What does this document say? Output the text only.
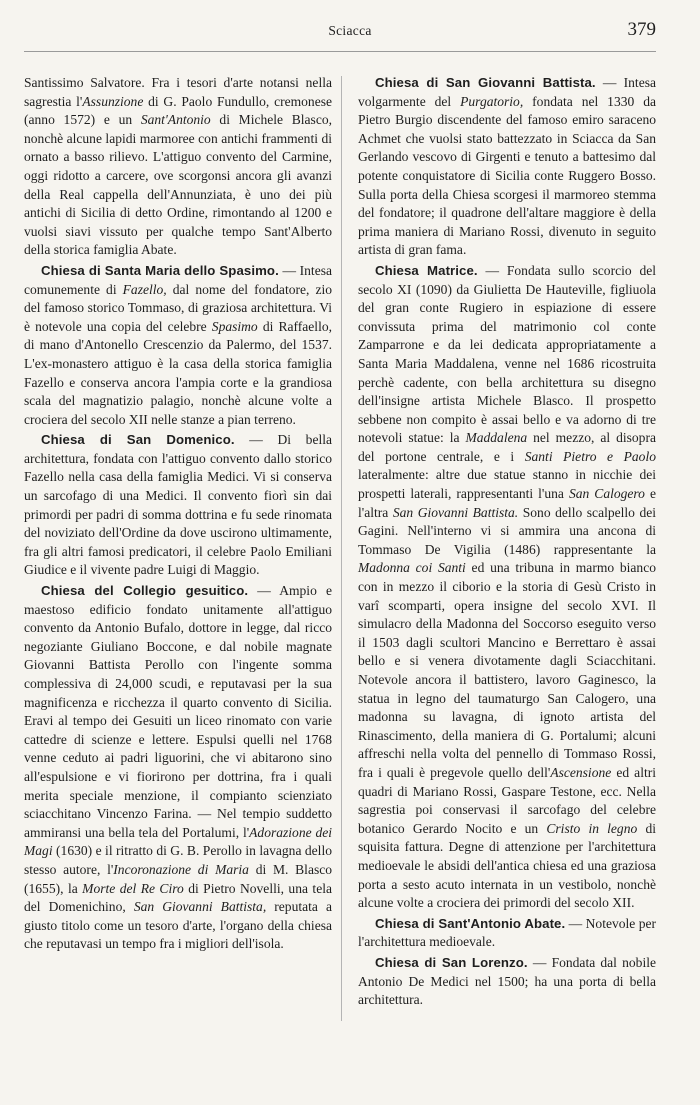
Sciacca	379

Santissimo Salvatore. Fra i tesori d'arte notansi nella sagrestia l'Assunzione di G. Paolo Fundullo, cremonese (anno 1572) e un Sant'Antonio di Michele Blasco, nonchè alcune lapidi marmoree con antichi frammenti di ornato a basso rilievo. L'attiguo convento del Carmine, oggi ridotto a carcere, ove scorgonsi ancora gli avanzi della Real cappella dell'Annunziata, è uno dei più antichi di Sicilia di detto Ordine, rimontando al 1200 e vuolsi siavi vissuto per qualche tempo Sant'Alberto della storica famiglia Abate.

Chiesa di Santa Maria dello Spasimo. — Intesa comunemente di Fazello, dal nome del fondatore, zio del famoso storico Tommaso, di graziosa architettura. Vi è notevole una copia del celebre Spasimo di Raffaello, di mano d'Antonello Crescenzio da Palermo, del 1537. L'ex-monastero attiguo è la casa della storica famiglia Fazello e conserva ancora l'ampia corte e la grandiosa scala del magnatizio palagio, nonchè alcune volte a crociera del secolo XII nelle stanze a pian terreno.

Chiesa di San Domenico. — Di bella architettura, fondata con l'attiguo convento dallo storico Fazello nella casa della famiglia Medici. Vi si conserva un sarcofago di una Medici. Il convento fiorì sin dai primordi per padri di somma dottrina e fu sede rinomata del noviziato dell'Ordine da dove uscirono ultimamente, fra gli altri famosi predicatori, il celebre Paolo Emiliani Giudice e il vivente padre Luigi di Maggio.

Chiesa del Collegio gesuitico. — Ampio e maestoso edificio fondato unitamente all'attiguo convento da Antonio Bufalo, dottore in legge, dal ricco negoziante Giuliano Boccone, e dal nobile magnate Giovanni Battista Perollo con l'ingente somma complessiva di 24,000 scudi, e reputavasi per la sua magnificenza e ricchezza il quarto convento di Sicilia. Eravi al tempo dei Gesuiti un liceo rinomato con varie cattedre di scienze e lettere. Espulsi quelli nel 1768 venne ceduto ai padri liguorini, che vi abitarono sino all'espulsione e vi fiorirono per dottrina, fra i quali merita speciale menzione, il compianto scienziato sciacchitano Vincenzo Farina. — Nel tempio suddetto ammiransi una bella tela del Portalumi, l'Adorazione dei Magi (1630) e il ritratto di G. B. Perollo in lavagna dello stesso autore, l'Incoronazione di Maria di M. Blasco (1655), la Morte del Re Ciro di Pietro Novelli, una tela del Domenichino, San Giovanni Battista, reputata a giusto titolo come un tesoro d'arte, l'organo della chiesa che reputavasi un tempo fra i migliori dell'isola.

Chiesa di San Giovanni Battista. — Intesa volgarmente del Purgatorio, fondata nel 1330 da Pietro Burgio discendente del famoso emiro saraceno Achmet che vuolsi stato battezzato in Sciacca da San Gerlando vescovo di Girgenti e tenuto a battesimo dal potente conquistatore di Sicilia conte Ruggero Bosso. Sulla porta della Chiesa scorgesi il marmoreo stemma del fondatore; il quadrone dell'altare maggiore è della prima maniera di Mariano Rossi, divenuto in seguito artista di gran fama.

Chiesa Matrice. — Fondata sullo scorcio del secolo XI (1090) da Giulietta De Hauteville, figliuola del gran conte Rugiero in espiazione di essere convissuta prima del matrimonio col conte Zamparrone e da lei dedicata appropriatamente a Santa Maria Maddalena, venne nel 1686 ricostruita perchè cadente, con bella architettura su disegno dell'insigne artista Michele Blasco. Il prospetto sebbene non compito è assai bello e va adorno di tre notevoli statue: la Maddalena nel mezzo, al disopra del portone centrale, e i Santi Pietro e Paolo lateralmente: altre due statue stanno in nicchie dei prospetti laterali, rappresentanti l'una San Calogero e l'altra San Giovanni Battista. Sono dello scalpello dei Gagini. Nell'interno vi si ammira una ancona di Tommaso De Vigilia (1486) rappresentante la Madonna coi Santi ed una tribuna in marmo bianco con in mezzo il ciborio e la storia di Gesù Cristo in varî scomparti, opera insigne del secolo XVI. Il simulacro della Madonna del Soccorso eseguito verso il 1503 dagli scultori Mancino e Berrettaro è assai bello e si venera divotamente dagli Sciacchitani. Notevole ancora il battistero, lavoro Gaginesco, la statua in legno del taumaturgo San Calogero, una madonna su lavagna, di ignoto artista del Rinascimento, della maniera di G. Portalumi; alcuni affreschi nella volta del pennello di Tommaso Rossi, fra i quali è pregevole quello dell'Ascensione ed altri quadri di Mariano Rossi, Gaspare Testone, ecc. Nella sagrestia poi conservasi il sarcofago del celebre botanico Gerardo Nocito e un Cristo in legno di squisita fattura. Degne di attenzione per l'architettura medioevale le absidi dell'antica chiesa ed una graziosa porta a sesto acuto internata in un vestibolo, nonchè alcune volte a crociera dei primordi del secolo XII.

Chiesa di Sant'Antonio Abate. — Notevole per l'architettura medioevale.

Chiesa di San Lorenzo. — Fondata dal nobile Antonio De Medici nel 1500; ha una porta di bella architettura.
